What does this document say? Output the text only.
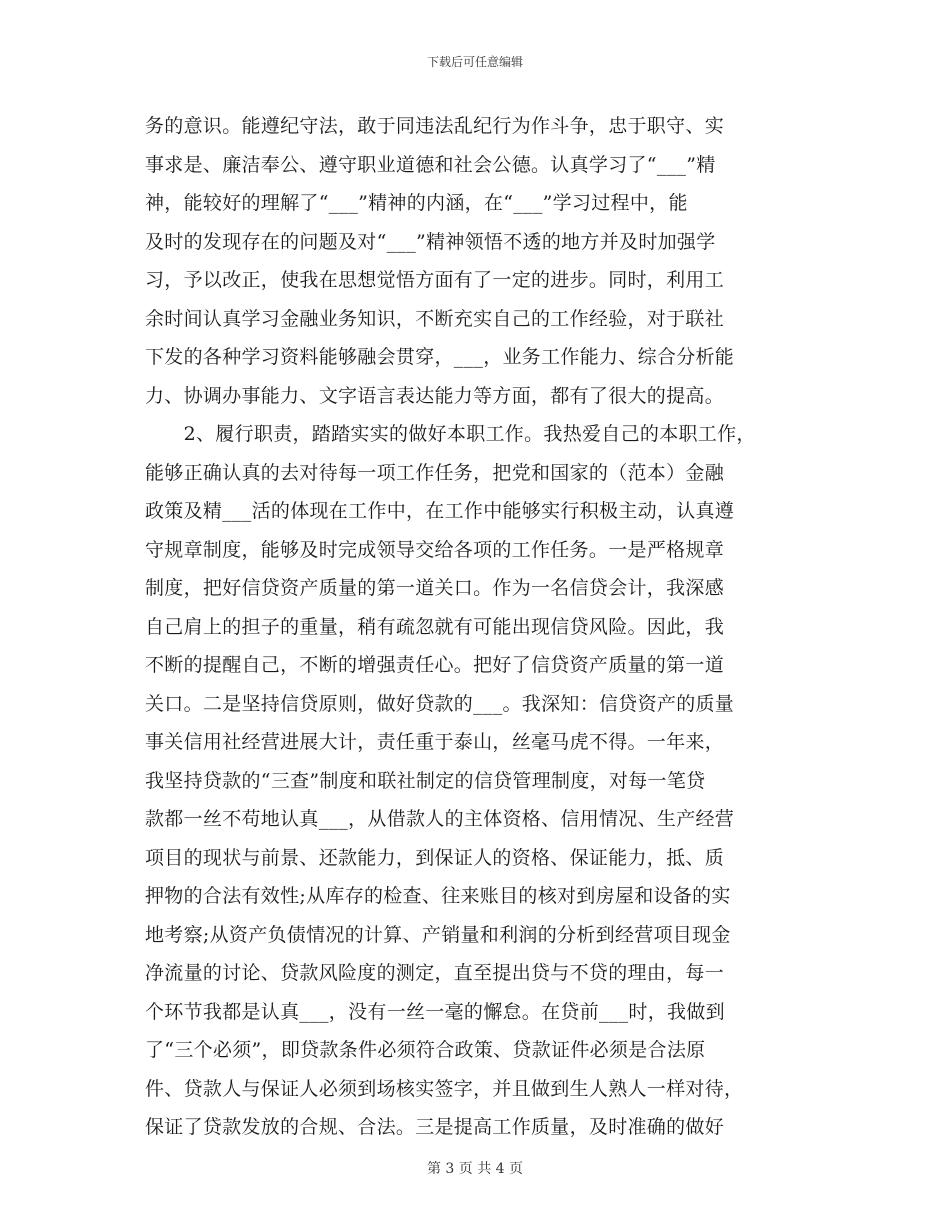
下载后可任意编辑
务的意识。能遵纪守法，敢于同违法乱纪行为作斗争，忠于职守、实
事求是、廉洁奉公、遵守职业道德和社会公德。认真学习了“___”精
神，能较好的理解了“___”精神的内涵，在“___”学习过程中，能
及时的发现存在的问题及对“___”精神领悟不透的地方并及时加强学
习，予以改正，使我在思想觉悟方面有了一定的进步。同时，利用工
余时间认真学习金融业务知识，不断充实自己的工作经验，对于联社
下发的各种学习资料能够融会贯穿，___，业务工作能力、综合分析能
力、协调办事能力、文字语言表达能力等方面，都有了很大的提高。
　　2、履行职责，踏踏实实的做好本职工作。我热爱自己的本职工作，
能够正确认真的去对待每一项工作任务，把党和国家的（范本）金融
政策及精___活的体现在工作中，在工作中能够实行积极主动，认真遵
守规章制度，能够及时完成领导交给各项的工作任务。一是严格规章
制度，把好信贷资产质量的第一道关口。作为一名信贷会计，我深感
自己肩上的担子的重量，稍有疏忽就有可能出现信贷风险。因此，我
不断的提醒自己，不断的增强责任心。把好了信贷资产质量的第一道
关口。二是坚持信贷原则，做好贷款的___。我深知：信贷资产的质量
事关信用社经营进展大计，责任重于泰山，丝毫马虎不得。一年来，
我坚持贷款的“三查”制度和联社制定的信贷管理制度，对每一笔贷
款都一丝不苟地认真___，从借款人的主体资格、信用情况、生产经营
项目的现状与前景、还款能力，到保证人的资格、保证能力，抵、质
押物的合法有效性;从库存的检查、往来账目的核对到房屋和设备的实
地考察;从资产负债情况的计算、产销量和利润的分析到经营项目现金
净流量的讨论、贷款风险度的测定，直至提出贷与不贷的理由，每一
个环节我都是认真___，没有一丝一毫的懈怠。在贷前___时，我做到
了“三个必须”，即贷款条件必须符合政策、贷款证件必须是合法原
件、贷款人与保证人必须到场核实签字，并且做到生人熟人一样对待，
保证了贷款发放的合规、合法。三是提高工作质量，及时准确的做好
第 3 页 共 4 页
